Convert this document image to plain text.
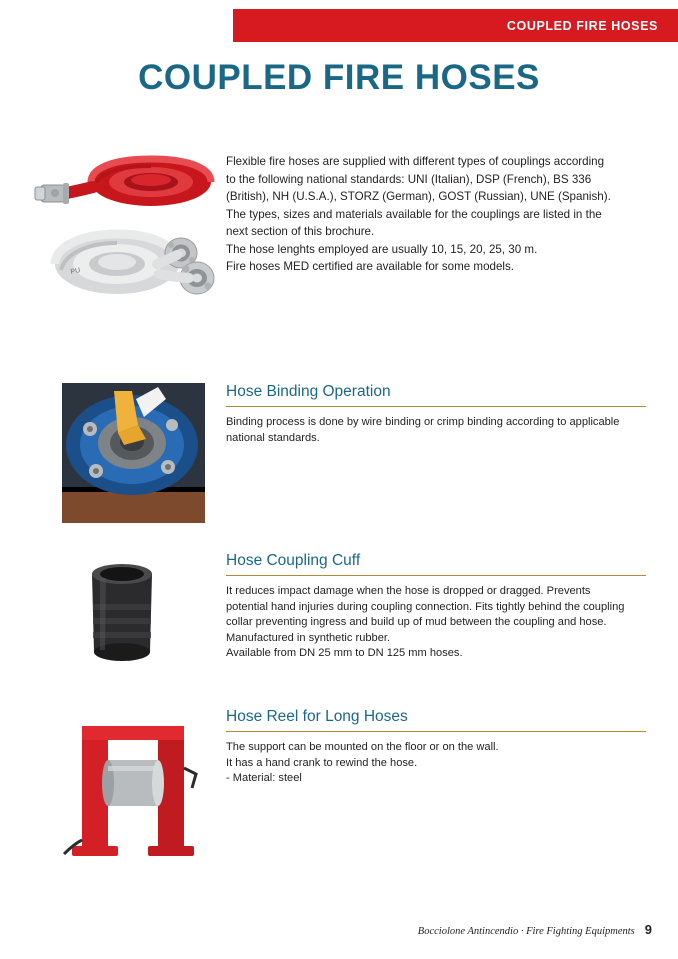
COUPLED FIRE HOSES
COUPLED FIRE HOSES
PU

Flexible fire hoses are supplied with different types of couplings according

to the following national standards: UNI (Italian), DSP (French), BS 336

(British), NH (U.S.A.), STORZ (German), GOST (Russian), UNE (Spanish).

The types, sizes and materials available for the couplings are listed in the

next section of this brochure.

The hose lenghts employed are usually 10, 15, 20, 25, 30 m.

Fire hoses MED certified are available for some models.

Hose Binding Operation

Binding process is done by wire binding or crimp binding according to applicable

national standards.

Hose Coupling Cuff

It reduces impact damage when the hose is dropped or dragged. Prevents

potential hand injuries during coupling connection. Fits tightly behind the coupling

collar preventing ingress and build up of mud between the coupling and hose.

Manufactured in synthetic rubber.

Available from DN 25 mm to DN 125 mm hoses.

Hose Reel for Long Hoses

The support can be mounted on the floor or on the wall.

It has a hand crank to rewind the hose.

- Material: steel

Bocciolone Antincendio · Fire Fighting Equipments 9
